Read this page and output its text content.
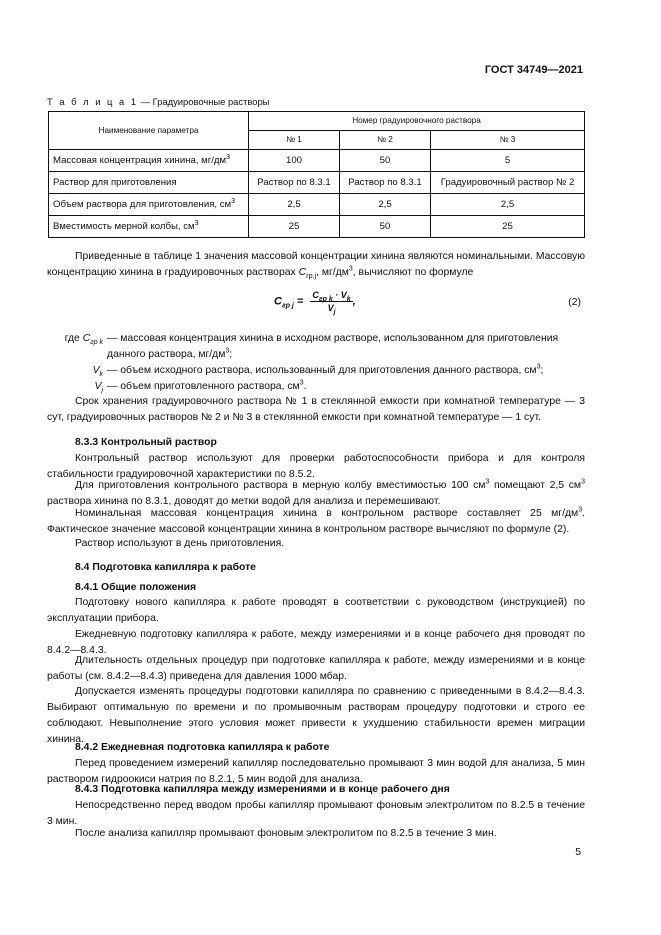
ГОСТ 34749—2021
Т а б л и ц а 1 — Градуировочные растворы
Наименование параметра	Номер градуировочного раствора		
	№ 1	№ 2	№ 3
Массовая концентрация хинина, $мг/дм^3$	100	50	5
Раствор для приготовления	Раствор по 8.3.1	Раствор по 8.3.1	Градуировочный раствор № 2
Объем раствора для приготовления, $см^3$	2,5	2,5	2,5
Вместимость мерной колбы, $см^3$	25	50	25
Приведенные в таблице 1 значения массовой концентрации хинина являются номинальными. Массовую концентрацию хинина в градуировочных растворах $C_{гр,j}$, $мг/дм^3$, вычисляют по формуле
$C_{гр j} = \frac{C_{гр k} \cdot V_k}{V_j}$ ,	(2)
где $C_{гр k}$ — массовая концентрация хинина в исходном растворе, использованном для приготовления данного раствора, $мг/дм^3$;
$V_k$ — объем исходного раствора, использованный для приготовления данного раствора, $см^3$;
$V_j$ — объем приготовленного раствора, $см^3$.
Срок хранения градуировочного раствора № 1 в стеклянной емкости при комнатной температуре — 3 сут, градуировочных растворов № 2 и № 3 в стеклянной емкости при комнатной температуре — 1 сут.
8.3.3 Контрольный раствор
Контрольный раствор используют для проверки работоспособности прибора и для контроля стабильности градуировочной характеристики по 8.5.2.
Для приготовления контрольного раствора в мерную колбу вместимостью 100 $см^3$ помещают 2,5 $см^3$ раствора хинина по 8.3.1, доводят до метки водой для анализа и перемешивают.
Номинальная массовая концентрация хинина в контрольном растворе составляет 25 $мг/дм^3$. Фактическое значение массовой концентрации хинина в контрольном растворе вычисляют по формуле (2).
Раствор используют в день приготовления.
8.4 Подготовка капилляра к работе
8.4.1 Общие положения
Подготовку нового капилляра к работе проводят в соответствии с руководством (инструкцией) по эксплуатации прибора.
Ежедневную подготовку капилляра к работе, между измерениями и в конце рабочего дня проводят по 8.4.2—8.4.3.
Длительность отдельных процедур при подготовке капилляра к работе, между измерениями и в конце работы (см. 8.4.2—8.4.3) приведена для давления 1000 мбар.
Допускается изменять процедуры подготовки капилляра по сравнению с приведенными в 8.4.2—8.4.3. Выбирают оптимальную по времени и по промывочным растворам процедуру подготовки и строго ее соблюдают. Невыполнение этого условия может привести к ухудшению стабильности времен миграции хинина.
8.4.2 Ежедневная подготовка капилляра к работе
Перед проведением измерений капилляр последовательно промывают 3 мин водой для анализа, 5 мин раствором гидроокиси натрия по 8.2.1, 5 мин водой для анализа.
8.4.3 Подготовка капилляра между измерениями и в конце рабочего дня
Непосредственно перед вводом пробы капилляр промывают фоновым электролитом по 8.2.5 в течение 3 мин.
После анализа капилляр промывают фоновым электролитом по 8.2.5 в течение 3 мин.
5
